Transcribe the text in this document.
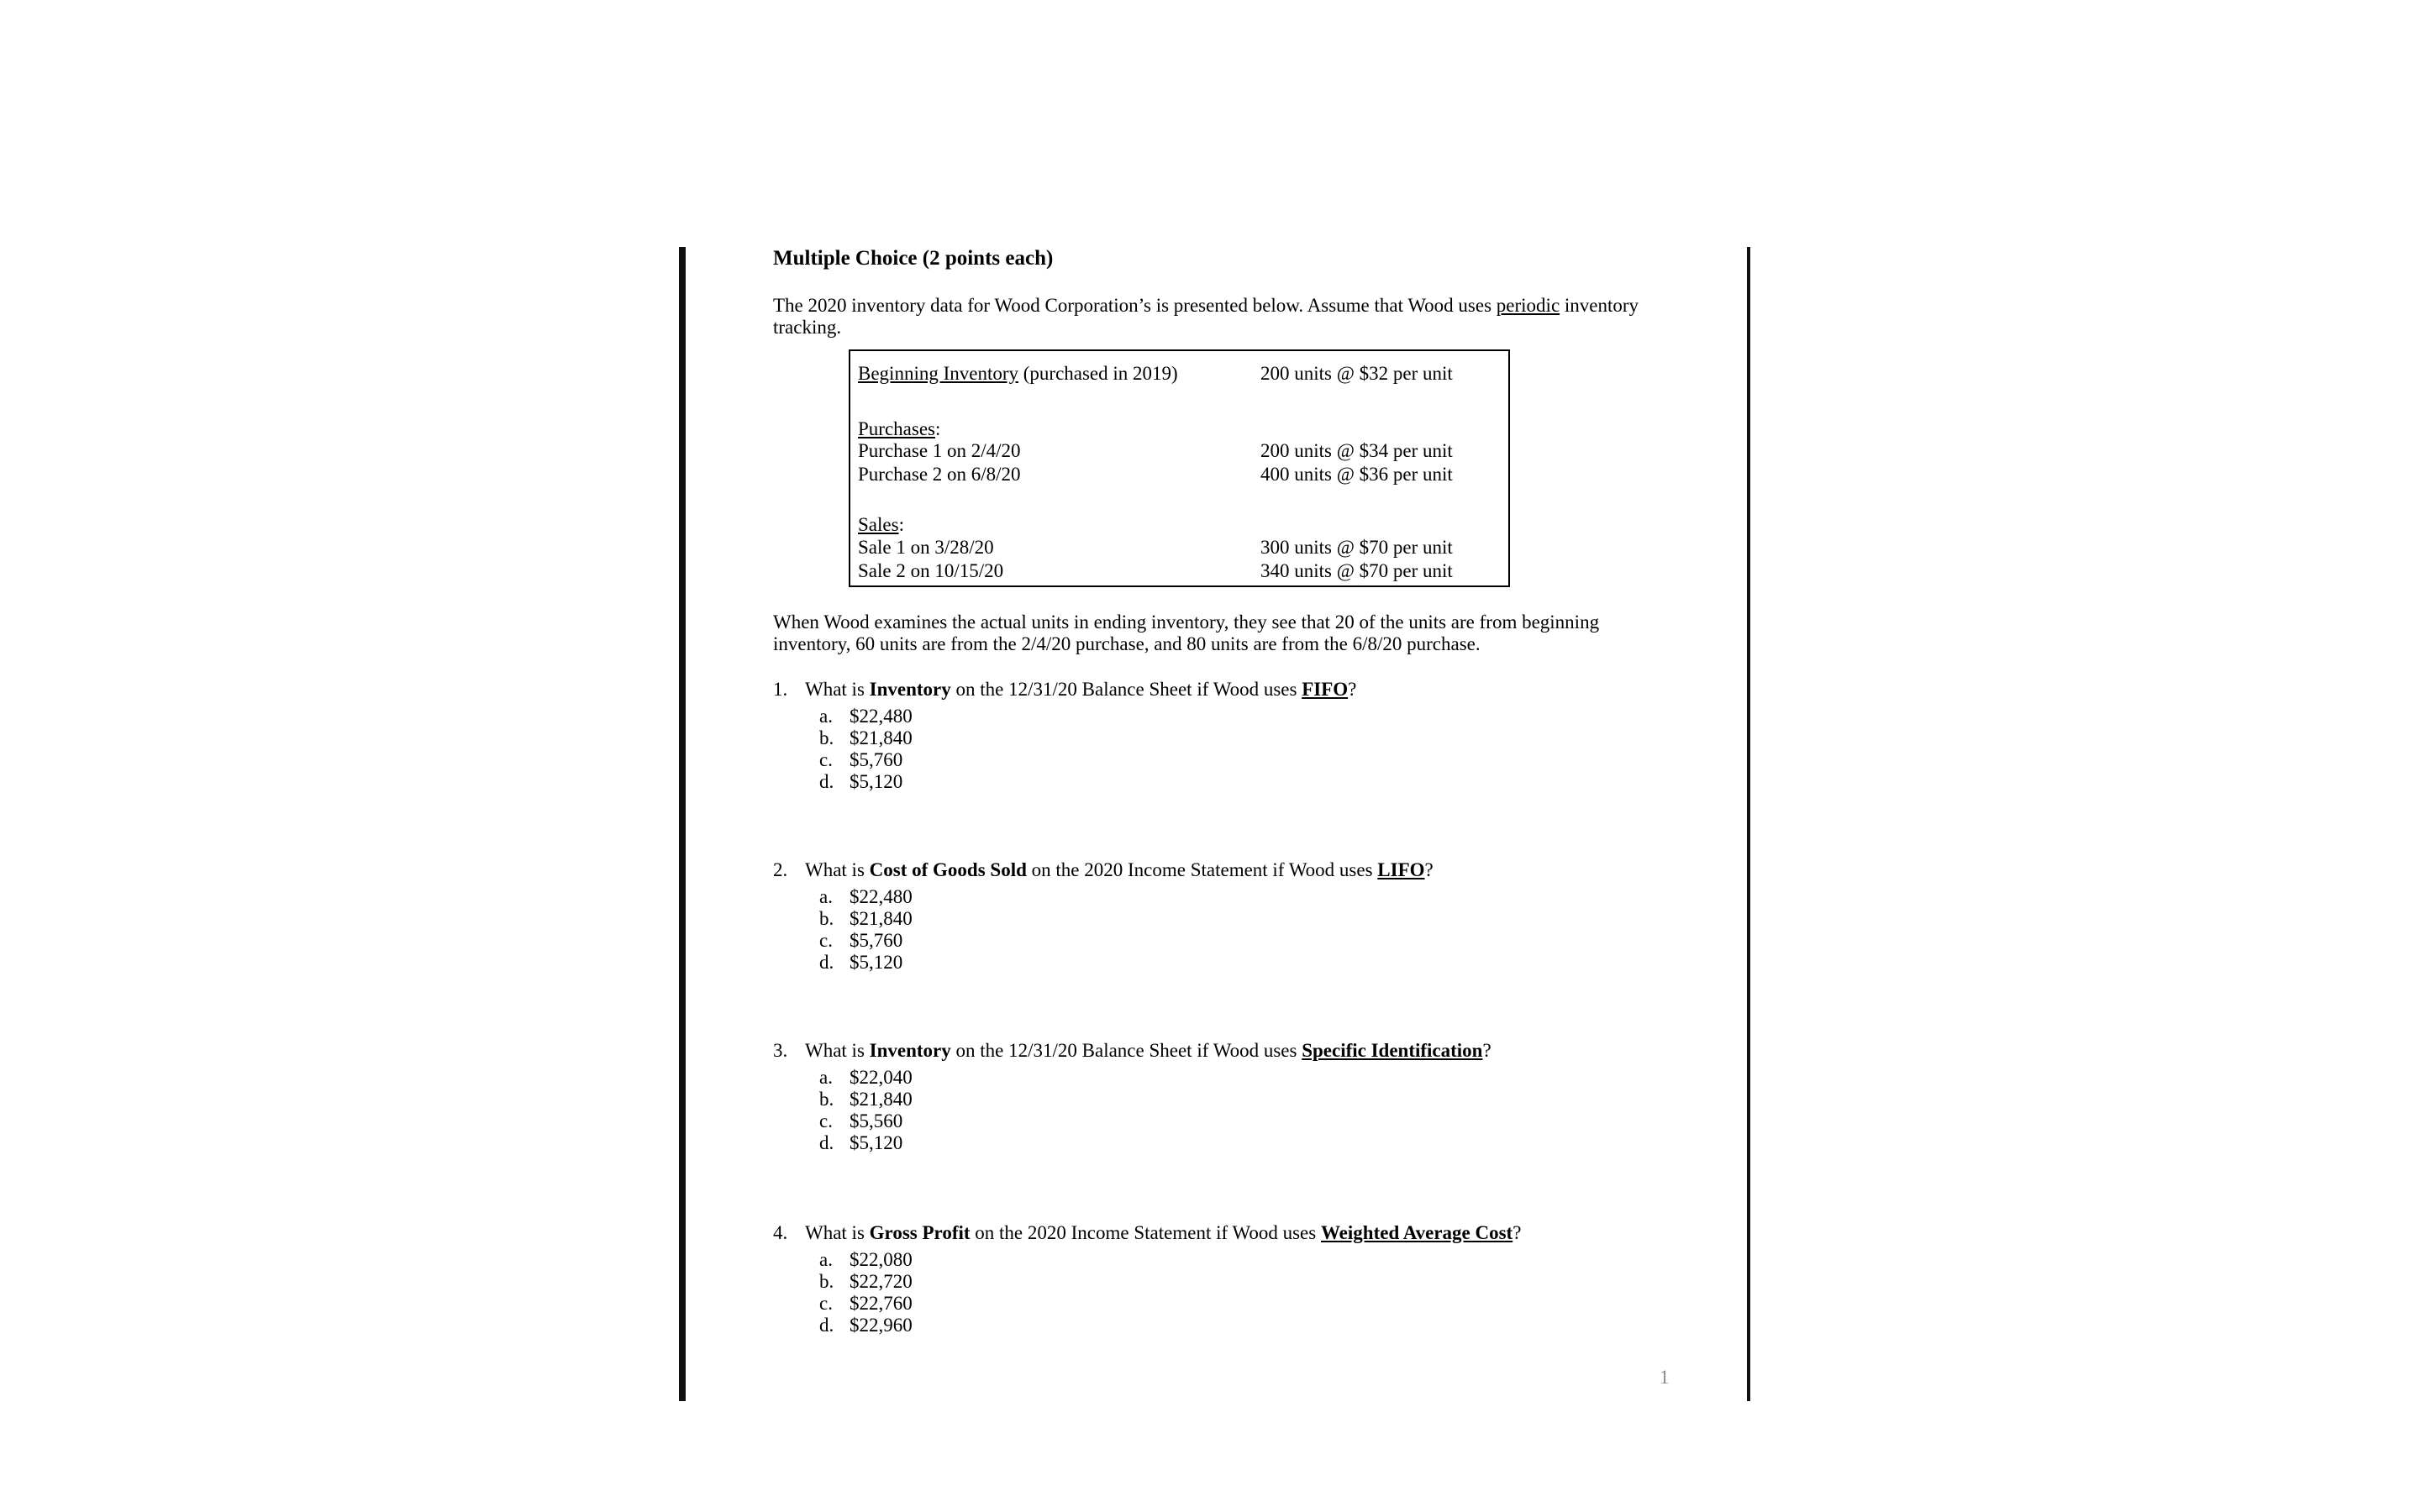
Multiple Choice (2 points each)
The 2020 inventory data for Wood Corporation’s is presented below. Assume that Wood uses periodic inventory tracking.
Beginning Inventory (purchased in 2019)	200 units @ $32 per unit
Purchases:
Purchase 1 on 2/4/20	200 units @ $34 per unit
Purchase 2 on 6/8/20	400 units @ $36 per unit
Sales:
Sale 1 on 3/28/20	300 units @ $70 per unit
Sale 2 on 10/15/20	340 units @ $70 per unit
When Wood examines the actual units in ending inventory, they see that 20 of the units are from beginning inventory, 60 units are from the 2/4/20 purchase, and 80 units are from the 6/8/20 purchase.
1. What is Inventory on the 12/31/20 Balance Sheet if Wood uses FIFO?
a. $22,480
b. $21,840
c. $5,760
d. $5,120
2. What is Cost of Goods Sold on the 2020 Income Statement if Wood uses LIFO?
a. $22,480
b. $21,840
c. $5,760
d. $5,120
3. What is Inventory on the 12/31/20 Balance Sheet if Wood uses Specific Identification?
a. $22,040
b. $21,840
c. $5,560
d. $5,120
4. What is Gross Profit on the 2020 Income Statement if Wood uses Weighted Average Cost?
a. $22,080
b. $22,720
c. $22,760
d. $22,960
1
